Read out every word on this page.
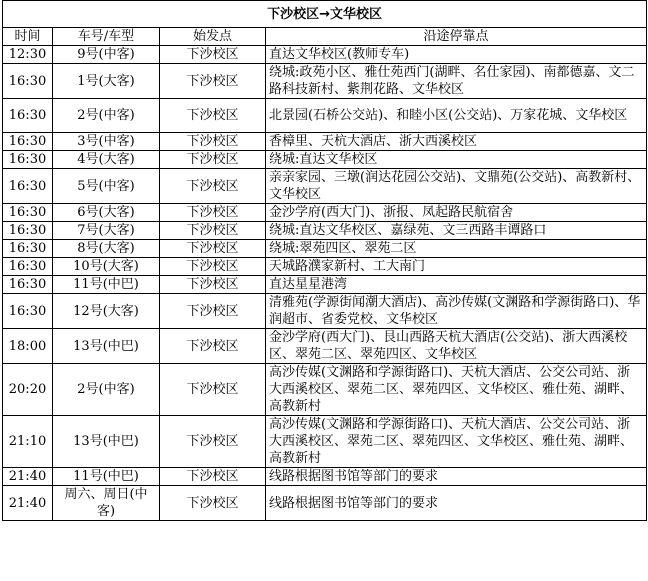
下沙校区→文华校区			
时间	车号/车型	始发点	沿途停靠点
12:30	9号(中客)	下沙校区	直达文华校区(教师专车)
16:30	1号(大客)	下沙校区	绕城:政苑小区、雅仕苑西门(湖畔、名仕家园)、南都德嘉、文二路科技新村、紫荆花路、文华校区
16:30	2号(中客)	下沙校区	北景园(石桥公交站)、和睦小区(公交站)、万家花城、文华校区
16:30	3号(中客)	下沙校区	香樟里、天杭大酒店、浙大西溪校区
16:30	4号(大客)	下沙校区	绕城:直达文华校区
16:30	5号(中客)	下沙校区	亲亲家园、三墩(润达花园公交站)、文鼎苑(公交站)、高教新村、文华校区
16:30	6号(大客)	下沙校区	金沙学府(西大门)、浙报、凤起路民航宿舍
16:30	7号(大客)	下沙校区	绕城:直达文华校区、嘉绿苑、文三西路丰谭路口
16:30	8号(大客)	下沙校区	绕城:翠苑四区、翠苑二区
16:30	10号(大客)	下沙校区	天城路濮家新村、工大南门
16:30	11号(中巴)	下沙校区	直达星星港湾
16:30	12号(大客)	下沙校区	清雅苑(学源街闻潮大酒店)、高沙传媒(文渊路和学源街路口)、华润超市、省委党校、文华校区
18:00	13号(中巴)	下沙校区	金沙学府(西大门)、艮山西路天杭大酒店(公交站)、浙大西溪校区、翠苑二区、翠苑四区、文华校区
20:20	2号(中客)	下沙校区	高沙传媒(文渊路和学源街路口)、天杭大酒店、公交公司站、浙大西溪校区、翠苑二区、翠苑四区、文华校区、雅仕苑、湖畔、高教新村
21:10	13号(中巴)	下沙校区	高沙传媒(文渊路和学源街路口)、天杭大酒店、公交公司站、浙大西溪校区、翠苑二区、翠苑四区、文华校区、雅仕苑、湖畔、高教新村
21:40	11号(中巴)	下沙校区	线路根据图书馆等部门的要求
21:40	周六、周日(中客)	下沙校区	线路根据图书馆等部门的要求
